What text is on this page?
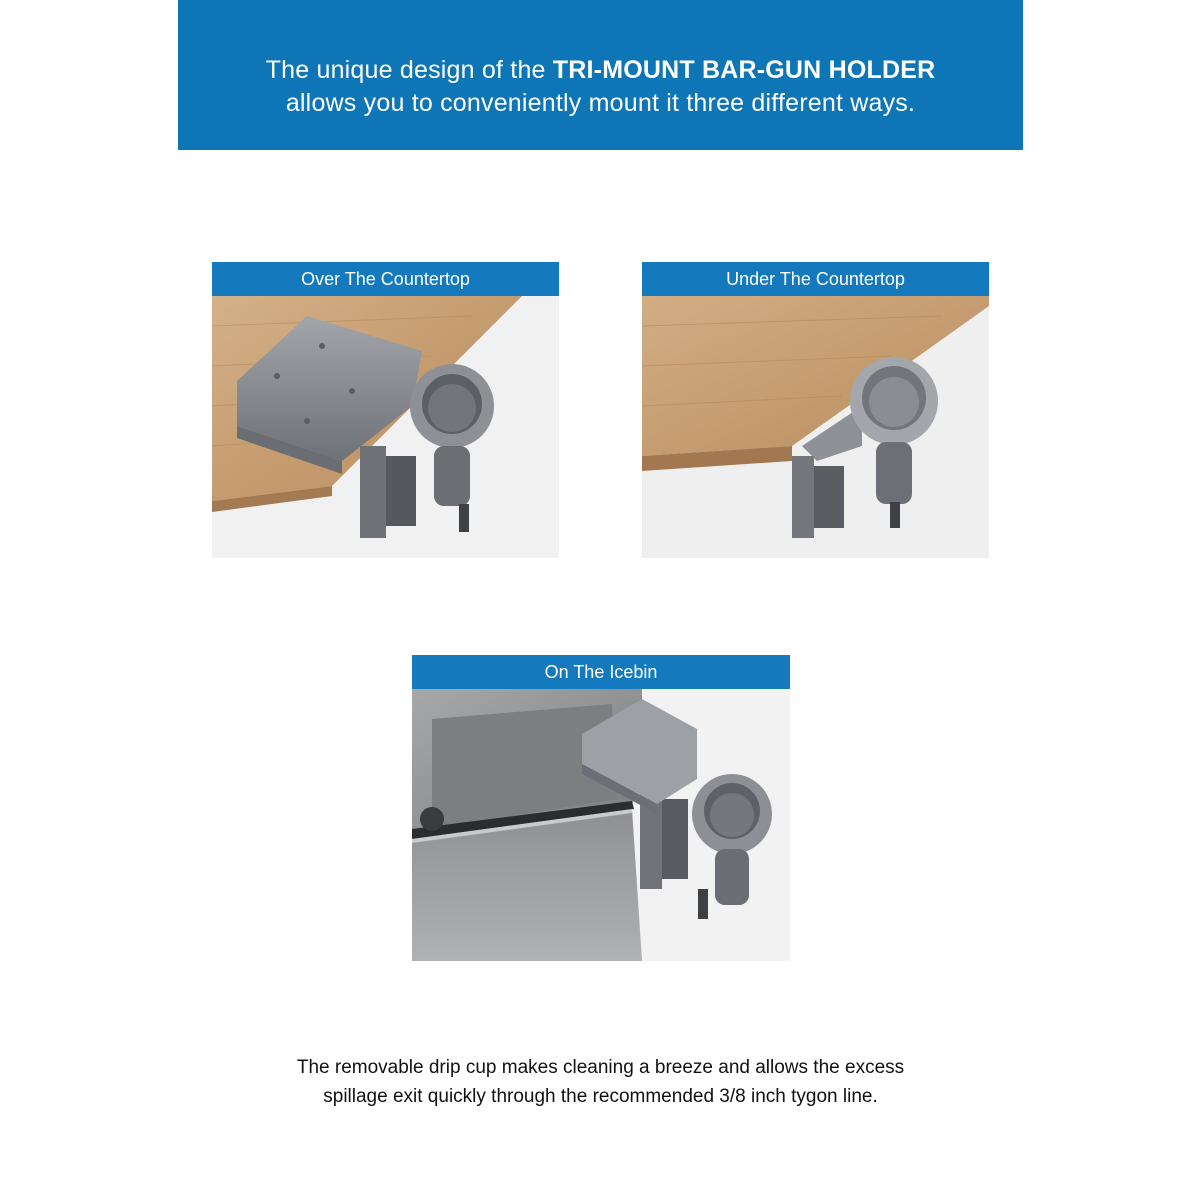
The unique design of the TRI-MOUNT BAR-GUN HOLDER
allows you to conveniently mount it three different ways.
Over The Countertop	Under The Countertop
On The Icebin
The removable drip cup makes cleaning a breeze and allows the excess
spillage exit quickly through the recommended 3/8 inch tygon line.
